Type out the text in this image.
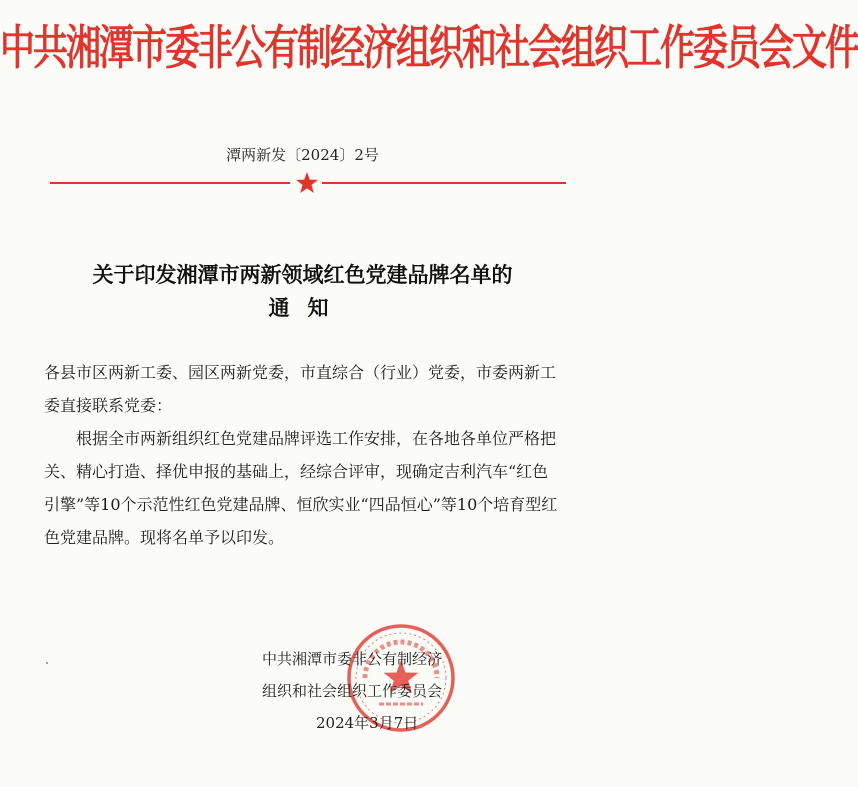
中共湘潭市委非公有制经济组织和社会组织工作委员会文件
潭两新发〔2024〕2号
关于印发湘潭市两新领域红色党建品牌名单的
通知
各县市区两新工委、园区两新党委，市直综合（行业）党委，市委两新工委直接联系党委：
根据全市两新组织红色党建品牌评选工作安排，在各地各单位严格把关、精心打造、择优申报的基础上，经综合评审，现确定吉利汽车“红色引擎”等10个示范性红色党建品牌、恒欣实业“四品恒心”等10个培育型红色党建品牌。现将名单予以印发。
中共湘潭市委非公有制经济
组织和社会组织工作委员会
2024年3月7日
